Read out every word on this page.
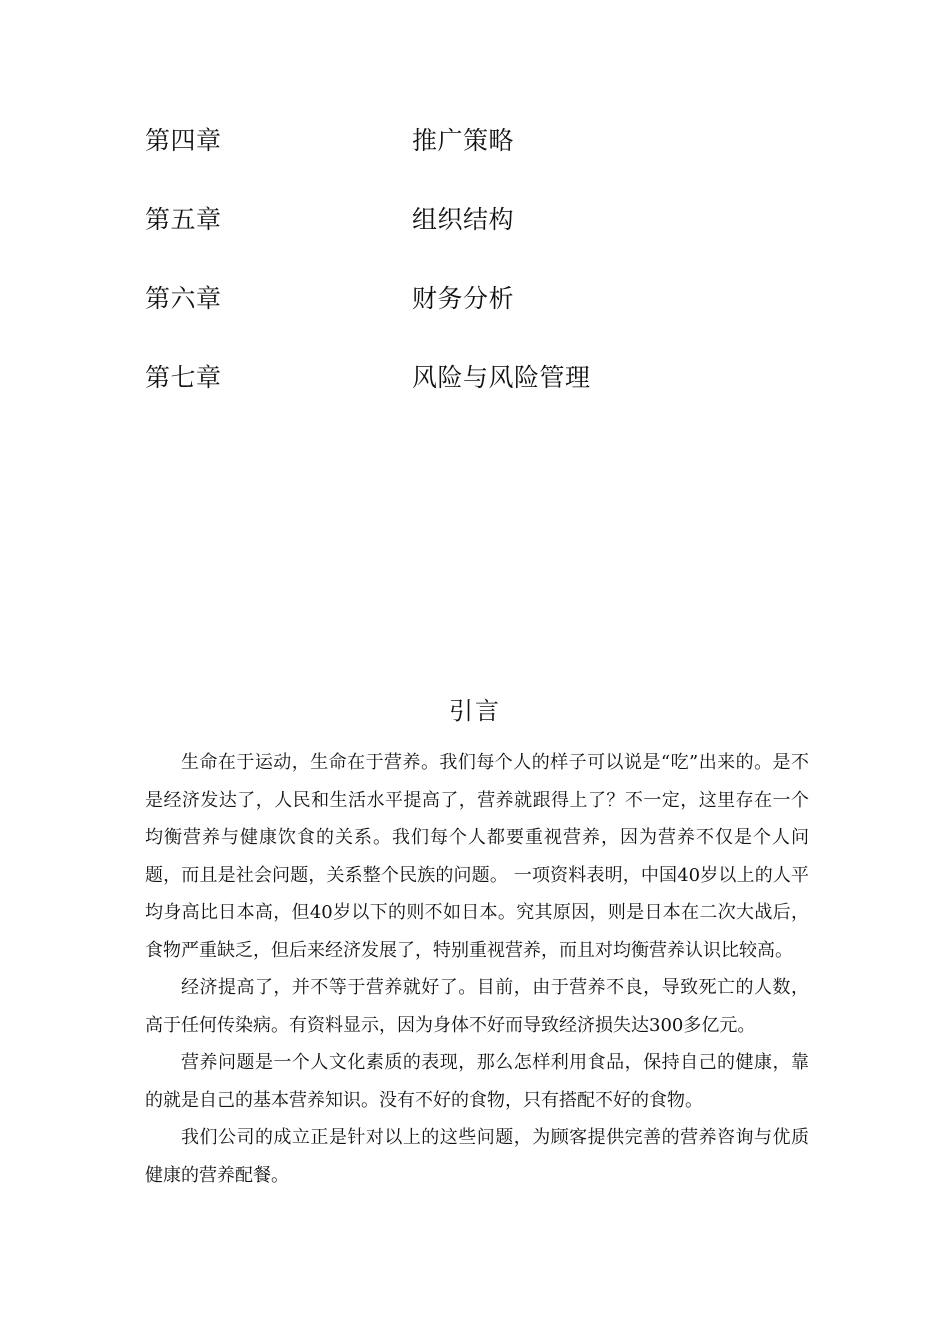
第四章	推广策略
第五章	组织结构
第六章	财务分析
第七章	风险与风险管理
引言

生命在于运动，生命在于营养。我们每个人的样子可以说是“吃”出来的。是不是经济发达了，人民和生活水平提高了，营养就跟得上了？不一定，这里存在一个均衡营养与健康饮食的关系。我们每个人都要重视营养，因为营养不仅是个人问题，而且是社会问题，关系整个民族的问题。 一项资料表明，中国40岁以上的人平均身高比日本高，但40岁以下的则不如日本。究其原因，则是日本在二次大战后，食物严重缺乏，但后来经济发展了，特别重视营养，而且对均衡营养认识比较高。

经济提高了，并不等于营养就好了。目前，由于营养不良，导致死亡的人数，高于任何传染病。有资料显示，因为身体不好而导致经济损失达300多亿元。

营养问题是一个人文化素质的表现，那么怎样利用食品，保持自己的健康，靠的就是自己的基本营养知识。没有不好的食物，只有搭配不好的食物。

我们公司的成立正是针对以上的这些问题，为顾客提供完善的营养咨询与优质健康的营养配餐。
